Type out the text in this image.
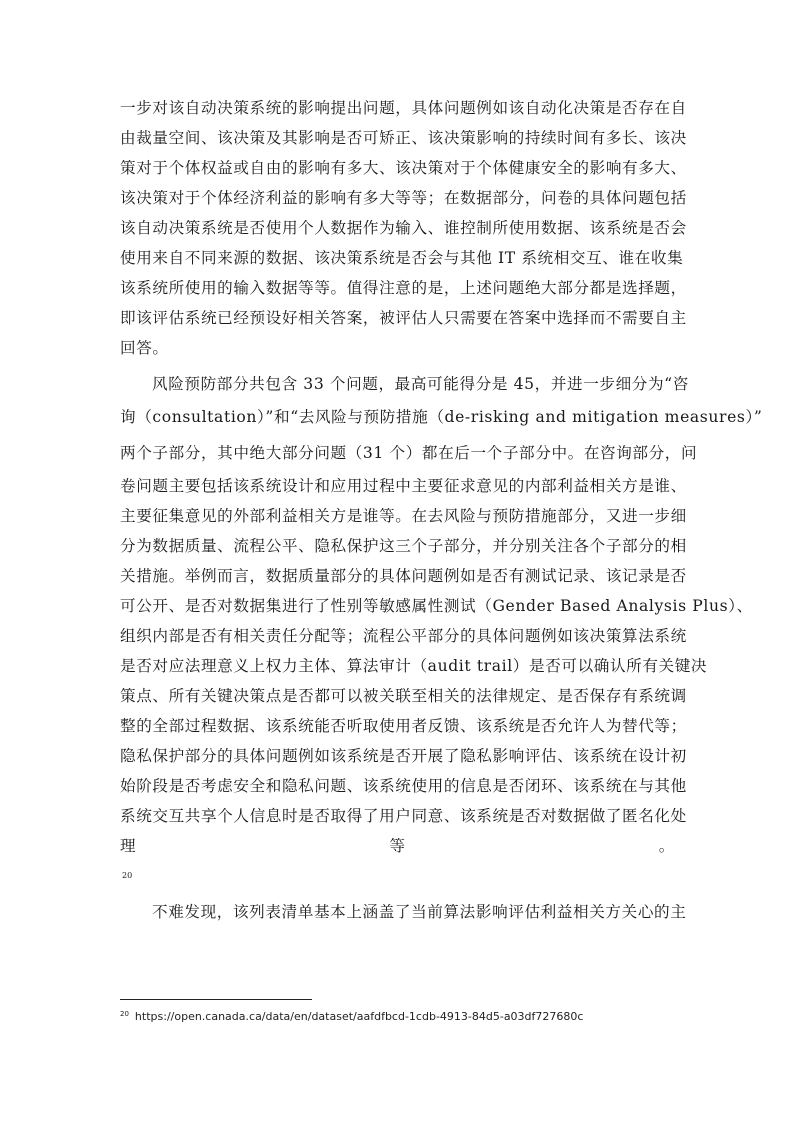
一步对该自动决策系统的影响提出问题，具体问题例如该自动化决策是否存在自
由裁量空间、该决策及其影响是否可矫正、该决策影响的持续时间有多长、该决
策对于个体权益或自由的影响有多大、该决策对于个体健康安全的影响有多大、
该决策对于个体经济利益的影响有多大等等；在数据部分，问卷的具体问题包括
该自动决策系统是否使用个人数据作为输入、谁控制所使用数据、该系统是否会
使用来自不同来源的数据、该决策系统是否会与其他 IT 系统相交互、谁在收集
该系统所使用的输入数据等等。值得注意的是，上述问题绝大部分都是选择题，
即该评估系统已经预设好相关答案，被评估人只需要在答案中选择而不需要自主
回答。
风险预防部分共包含 33 个问题，最高可能得分是 45，并进一步细分为“咨
询（consultation）”和“去风险与预防措施（de-risking and mitigation measures）”
两个子部分，其中绝大部分问题（31 个）都在后一个子部分中。在咨询部分，问
卷问题主要包括该系统设计和应用过程中主要征求意见的内部利益相关方是谁、
主要征集意见的外部利益相关方是谁等。在去风险与预防措施部分，又进一步细
分为数据质量、流程公平、隐私保护这三个子部分，并分别关注各个子部分的相
关措施。举例而言，数据质量部分的具体问题例如是否有测试记录、该记录是否
可公开、是否对数据集进行了性别等敏感属性测试（Gender Based Analysis Plus）、
组织内部是否有相关责任分配等；流程公平部分的具体问题例如该决策算法系统
是否对应法理意义上权力主体、算法审计（audit trail）是否可以确认所有关键决
策点、所有关键决策点是否都可以被关联至相关的法律规定、是否保存有系统调
整的全部过程数据、该系统能否听取使用者反馈、该系统是否允许人为替代等；
隐私保护部分的具体问题例如该系统是否开展了隐私影响评估、该系统在设计初
始阶段是否考虑安全和隐私问题、该系统使用的信息是否闭环、该系统在与其他
系统交互共享个人信息时是否取得了用户同意、该系统是否对数据做了匿名化处
理等。
$^{20}$
不难发现，该列表清单基本上涵盖了当前算法影响评估利益相关方关心的主
$^{20}$ https://open.canada.ca/data/en/dataset/aafdfbcd-1cdb-4913-84d5-a03df727680c
